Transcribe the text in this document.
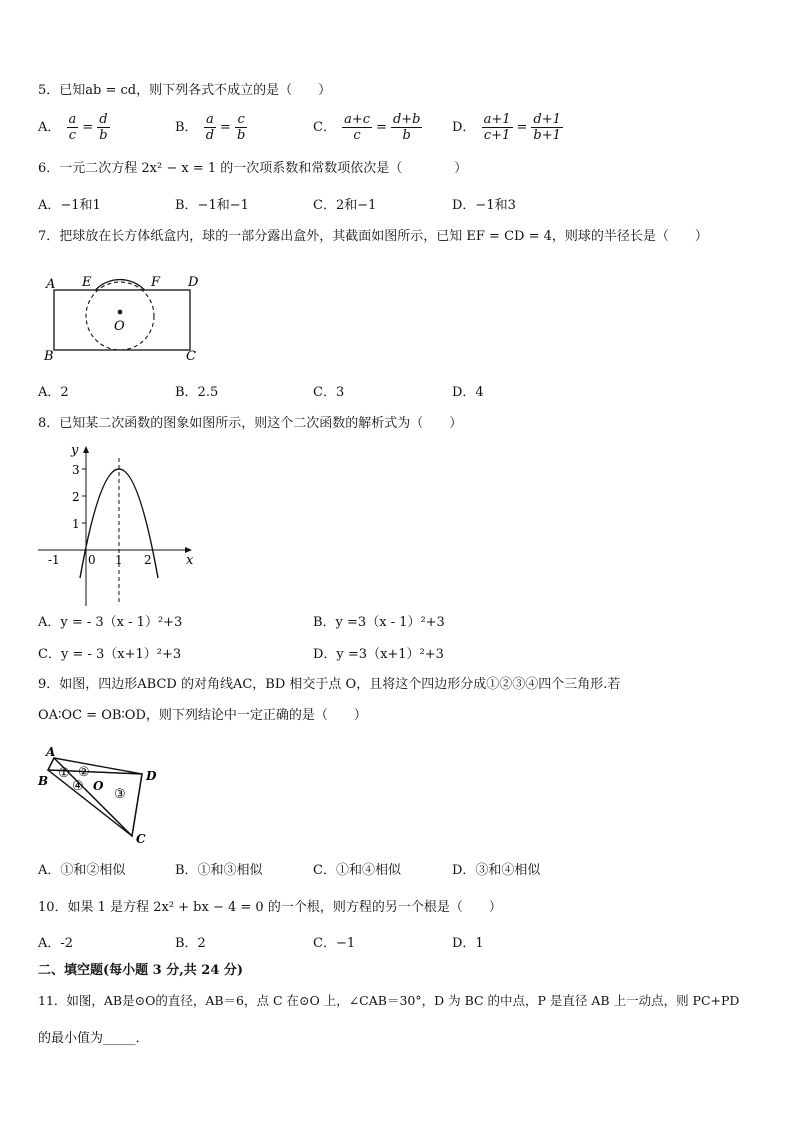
5．已知ab = cd，则下列各式不成立的是（　　）
A． $\frac{a}{c} = \frac{d}{b}$	B． $\frac{a}{d} = \frac{c}{b}$	C． $\frac{a+c}{c} = \frac{d+b}{b}$ D． $\frac{a+1}{c+1} = \frac{d+1}{b+1}$
6．一元二次方程 2x² − x = 1 的一次项系数和常数项依次是（　　　　）
A．−1和1	B．−1和−1	C．2和−1	D．−1和3
7．把球放在长方体纸盒内，球的一部分露出盒外，其截面如图所示，已知 EF = CD = 4，则球的半径长是（　　）
A E	F D
O
B	C
A．2	B．2.5	C．3	D．4
8．已知某二次函数的图象如图所示，则这个二次函数的解析式为（　　）
y
x
3
2
1
-1 0 1 2
A．y = - 3（x - 1）²+3	B．y =3（x - 1）²+3
C．y = - 3（x+1）²+3	D．y =3（x+1）²+3
9．如图，四边形ABCD 的对角线AC，BD 相交于点 O，且将这个四边形分成①②③④四个三角形.若
OA∶OC = OB∶OD，则下列结论中一定正确的是（　　）
A
B	D
C
O
① ②
③
④
A．①和②相似	B．①和③相似	C．①和④相似	D．③和④相似
10．如果 1 是方程 2x² + bx − 4 = 0 的一个根，则方程的另一个根是（　　）
A．-2	B．2	C．−1	D．1
二、填空题(每小题 3 分,共 24 分)
11．如图，AB是⊙O的直径，AB＝6，点 C 在⊙O 上，∠CAB＝30°，D 为 BC 的中点，P 是直径 AB 上一动点，则 PC+PD
的最小值为_____．
